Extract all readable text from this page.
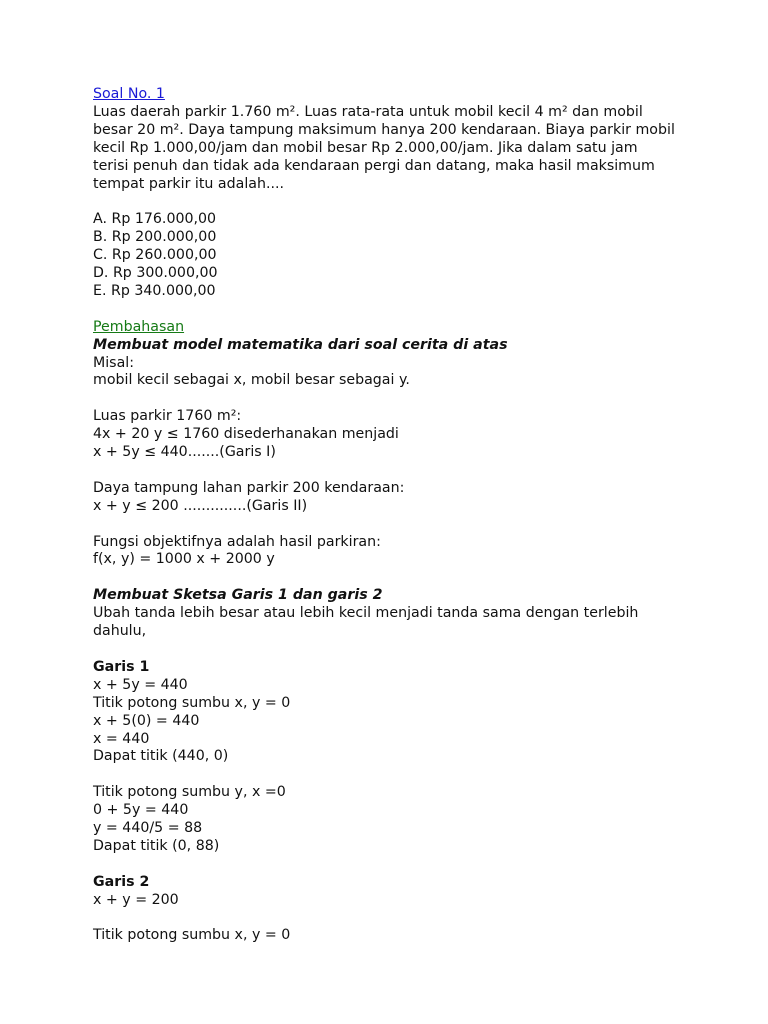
Soal No. 1
Luas daerah parkir 1.760 m². Luas rata-rata untuk mobil kecil 4 m² dan mobil
besar 20 m². Daya tampung maksimum hanya 200 kendaraan. Biaya parkir mobil
kecil Rp 1.000,00/jam dan mobil besar Rp 2.000,00/jam. Jika dalam satu jam
terisi penuh dan tidak ada kendaraan pergi dan datang, maka hasil maksimum
tempat parkir itu adalah....
A. Rp 176.000,00
B. Rp 200.000,00
C. Rp 260.000,00
D. Rp 300.000,00
E. Rp 340.000,00
Pembahasan
Membuat model matematika dari soal cerita di atas
Misal:
mobil kecil sebagai x, mobil besar sebagai y.
Luas parkir 1760 m²:
4x + 20 y ≤ 1760 disederhanakan menjadi
x + 5y ≤ 440.......(Garis I)
Daya tampung lahan parkir 200 kendaraan:
x + y ≤ 200 ..............(Garis II)
Fungsi objektifnya adalah hasil parkiran:
f(x, y) = 1000 x + 2000 y
Membuat Sketsa Garis 1 dan garis 2
Ubah tanda lebih besar atau lebih kecil menjadi tanda sama dengan terlebih
dahulu,
Garis 1
x + 5y = 440
Titik potong sumbu x, y = 0
x + 5(0) = 440
x = 440
Dapat titik (440, 0)
Titik potong sumbu y, x =0
0 + 5y = 440
y = 440/5 = 88
Dapat titik (0, 88)
Garis 2
x + y = 200
Titik potong sumbu x, y = 0
